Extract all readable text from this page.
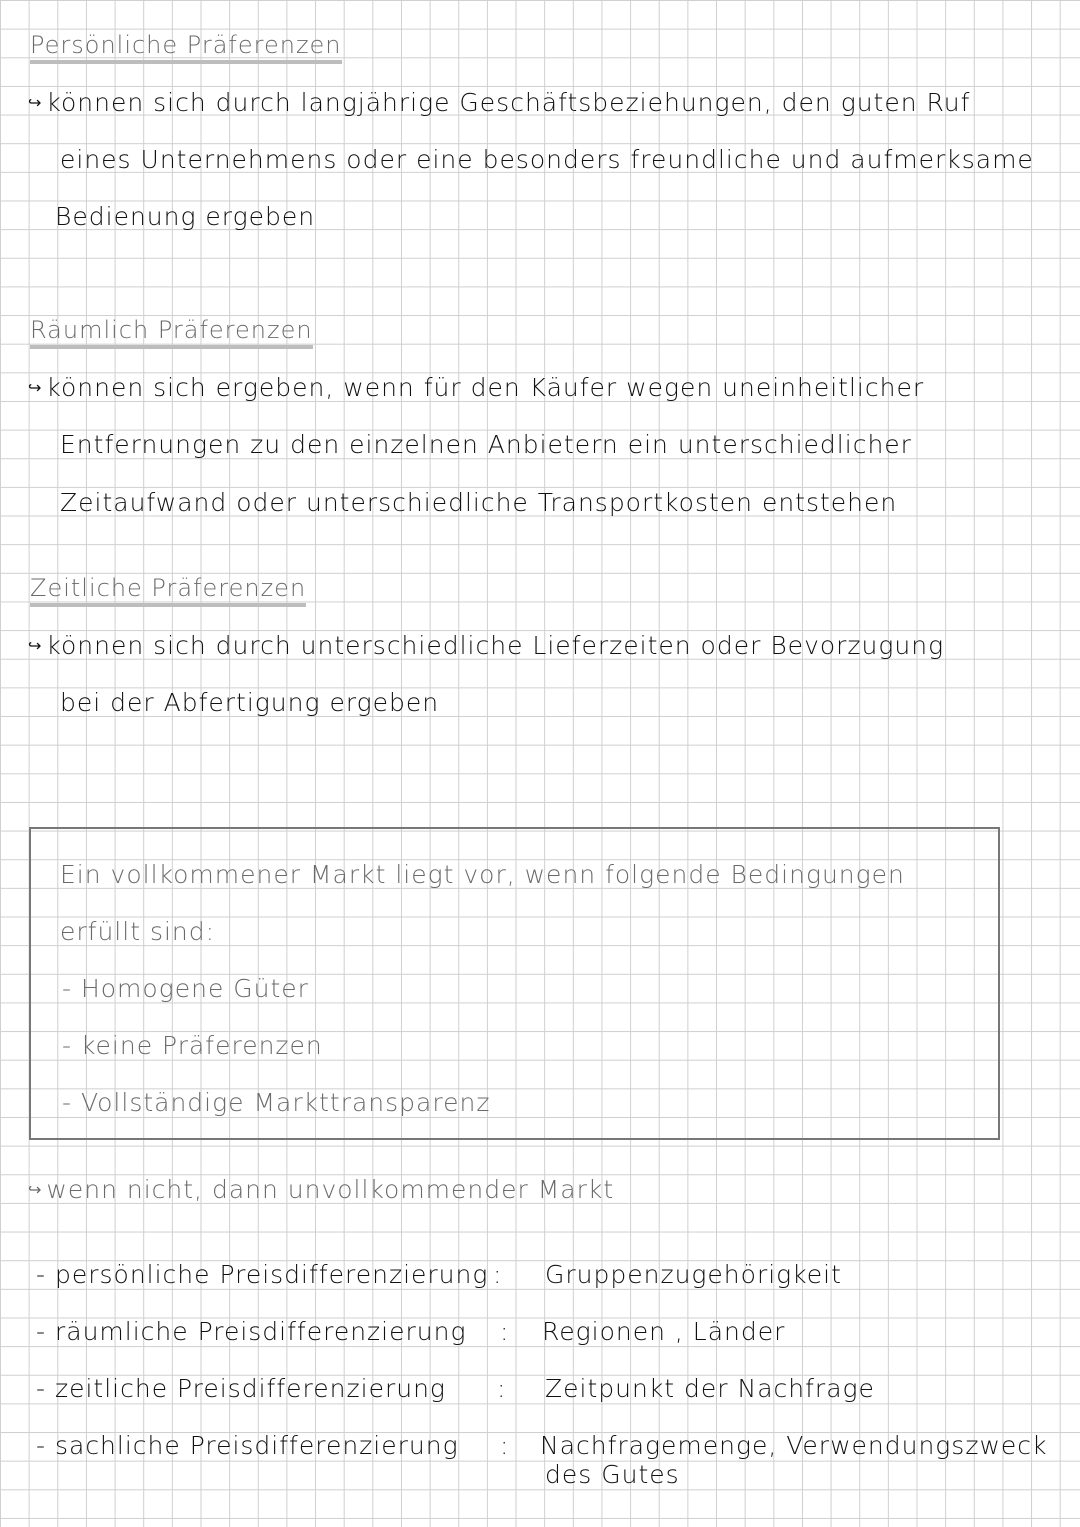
Persönliche Präferenzen
↪ können sich durch langjährige Geschäftsbeziehungen, den guten Ruf
eines Unternehmens oder eine besonders freundliche und aufmerksame
Bedienung ergeben
Räumlich Präferenzen
↪ können sich ergeben, wenn für den Käufer wegen uneinheitlicher
Entfernungen zu den einzelnen Anbietern ein unterschiedlicher
Zeitaufwand oder unterschiedliche Transportkosten entstehen
Zeitliche Präferenzen
↪ können sich durch unterschiedliche Lieferzeiten oder Bevorzugung
bei der Abfertigung ergeben
Ein vollkommener Markt liegt vor, wenn folgende Bedingungen
erfüllt sind:
- Homogene Güter
- keine Präferenzen
- Vollständige Markttransparenz
↪ wenn nicht, dann unvollkommender Markt
- persönliche Preisdifferenzierung : Gruppenzugehörigkeit
- räumliche Preisdifferenzierung : Regionen , Länder
- zeitliche Preisdifferenzierung : Zeitpunkt der Nachfrage
- sachliche Preisdifferenzierung : Nachfragemenge, Verwendungszweck
des Gutes
